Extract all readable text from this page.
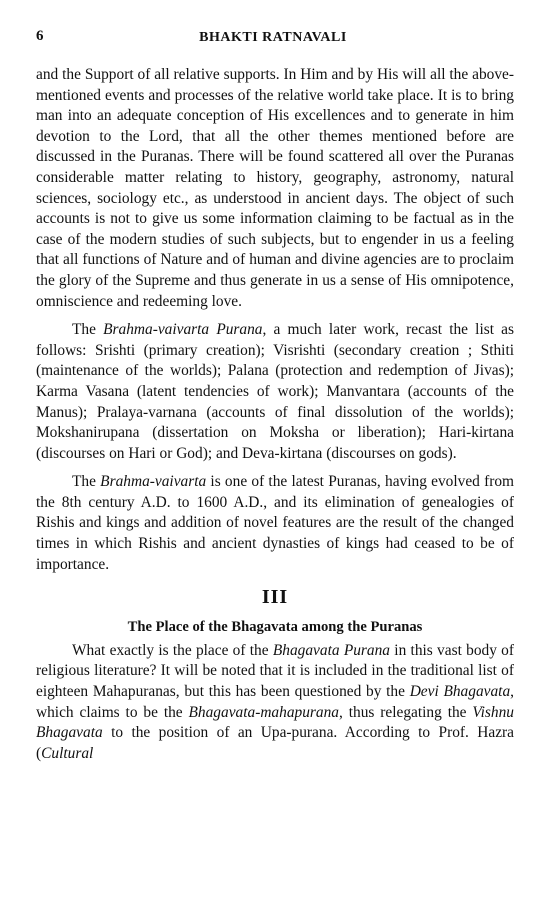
6	BHAKTI RATNAVALI

and the Support of all relative supports. In Him and by His will all the above-mentioned events and processes of the relative world take place. It is to bring man into an adequate conception of His excellences and to generate in him devotion to the Lord, that all the other themes mentioned before are discussed in the Puranas. There will be found scattered all over the Puranas considerable matter relating to history, geography, astronomy, natural sciences, sociology etc., as understood in ancient days. The object of such accounts is not to give us some information claiming to be factual as in the case of the modern studies of such subjects, but to engender in us a feeling that all functions of Nature and of human and divine agencies are to proclaim the glory of the Supreme and thus generate in us a sense of His omnipotence, omniscience and redeeming love.

The Brahma-vaivarta Purana, a much later work, recast the list as follows: Srishti (primary creation); Visrishti (secondary creation ; Sthiti (maintenance of the worlds); Palana (protection and redemption of Jivas); Karma Vasana (latent tendencies of work); Manvantara (accounts of the Manus); Pralaya-varnana (accounts of final dissolution of the worlds); Mokshanirupana (dissertation on Moksha or liberation); Hari-kirtana (discourses on Hari or God); and Deva-kirtana (discourses on gods).

The Brahma-vaivarta is one of the latest Puranas, having evolved from the 8th century A.D. to 1600 A.D., and its elimination of genealogies of Rishis and kings and addition of novel features are the result of the changed times in which Rishis and ancient dynasties of kings had ceased to be of importance.

III
The Place of the Bhagavata among the Puranas

What exactly is the place of the Bhagavata Purana in this vast body of religious literature? It will be noted that it is included in the traditional list of eighteen Mahapuranas, but this has been questioned by the Devi Bhagavata, which claims to be the Bhagavata-mahapurana, thus relegating the Vishnu Bhagavata to the position of an Upa-purana. According to Prof. Hazra (Cultural
